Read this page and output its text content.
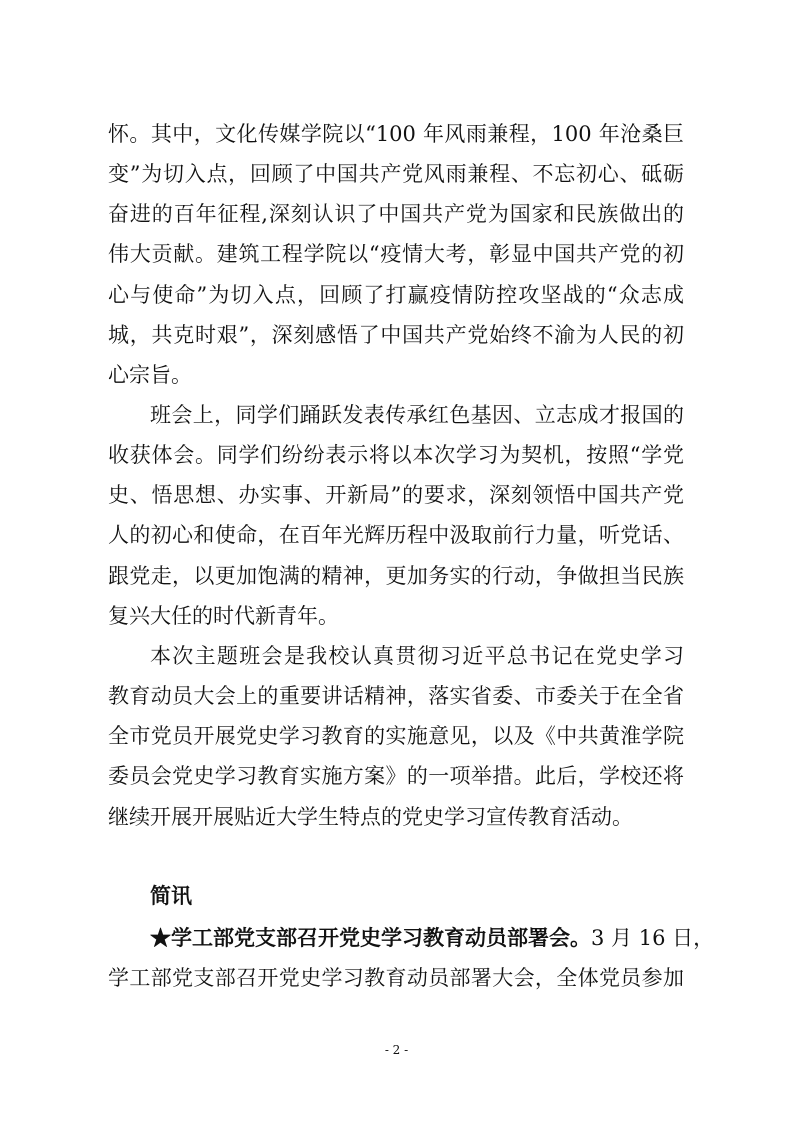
怀。其中，文化传媒学院以“100 年风雨兼程，100 年沧桑巨
变”为切入点，回顾了中国共产党风雨兼程、不忘初心、砥砺
奋进的百年征程,深刻认识了中国共产党为国家和民族做出的
伟大贡献。建筑工程学院以“疫情大考，彰显中国共产党的初
心与使命”为切入点，回顾了打赢疫情防控攻坚战的“众志成
城，共克时艰”，深刻感悟了中国共产党始终不渝为人民的初
心宗旨。
班会上，同学们踊跃发表传承红色基因、立志成才报国的
收获体会。同学们纷纷表示将以本次学习为契机，按照“学党
史、悟思想、办实事、开新局”的要求，深刻领悟中国共产党
人的初心和使命，在百年光辉历程中汲取前行力量，听党话、
跟党走，以更加饱满的精神，更加务实的行动，争做担当民族
复兴大任的时代新青年。
本次主题班会是我校认真贯彻习近平总书记在党史学习
教育动员大会上的重要讲话精神，落实省委、市委关于在全省
全市党员开展党史学习教育的实施意见，以及《中共黄淮学院
委员会党史学习教育实施方案》的一项举措。此后，学校还将
继续开展开展贴近大学生特点的党史学习宣传教育活动。
简讯
★学工部党支部召开党史学习教育动员部署会。3 月 16 日，
学工部党支部召开党史学习教育动员部署大会，全体党员参加
- 2 -
